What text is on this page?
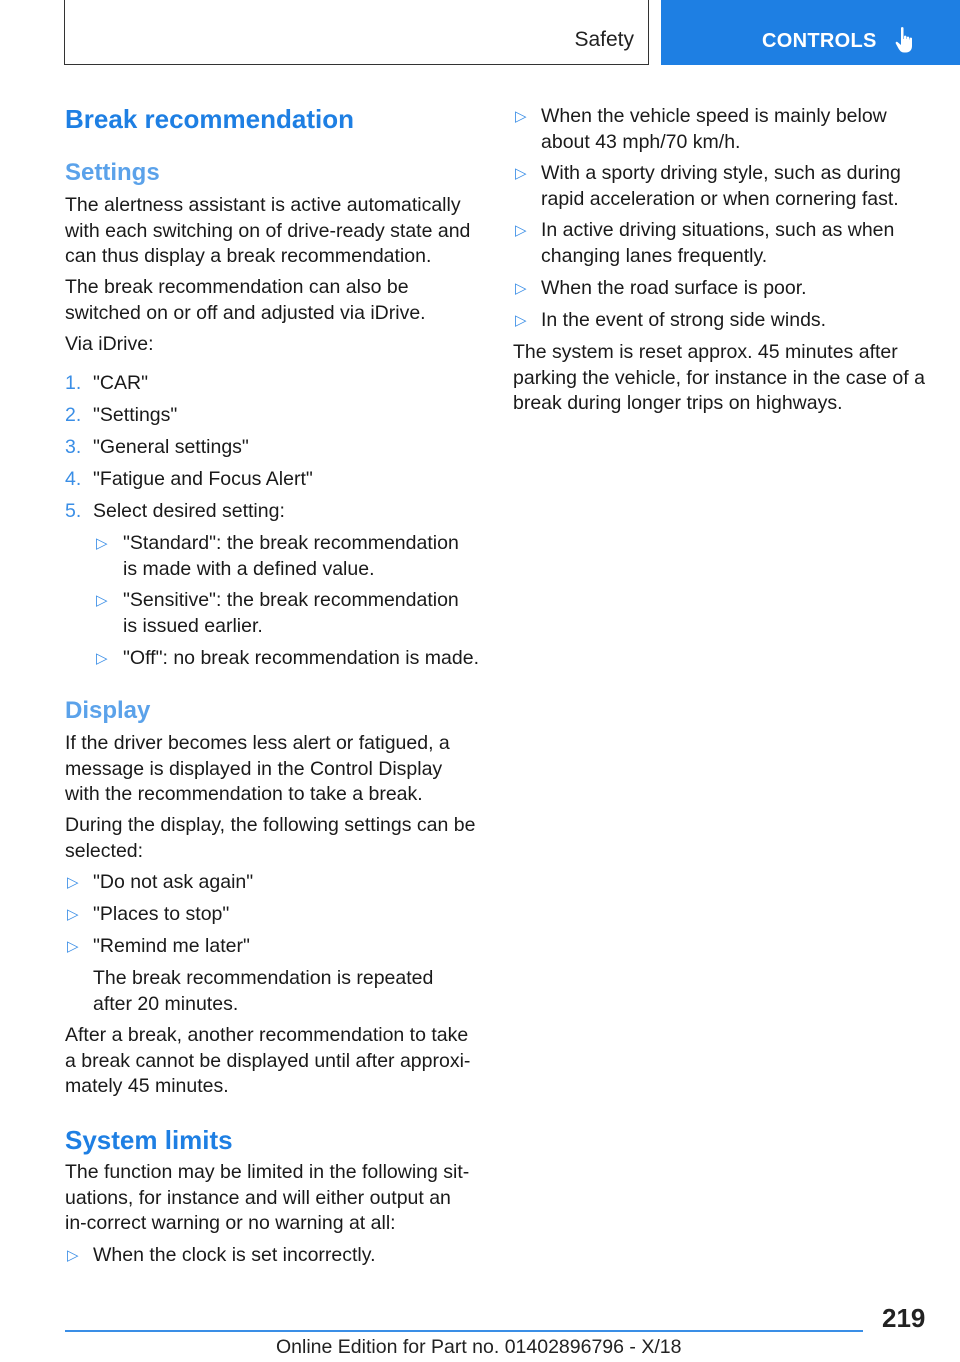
Safety	CONTROLS
Break recommendation
Settings
The alertness assistant is active automatically with each switching on of drive-ready state and can thus display a break recommendation.
The break recommendation can also be switched on or off and adjusted via iDrive.
Via iDrive:
1. "CAR"
2. "Settings"
3. "General settings"
4. "Fatigue and Focus Alert"
5. Select desired setting:
▷ "Standard": the break recommendation is made with a defined value.
▷ "Sensitive": the break recommendation is issued earlier.
▷ "Off": no break recommendation is made.
Display
If the driver becomes less alert or fatigued, a message is displayed in the Control Display with the recommendation to take a break.
During the display, the following settings can be selected:
▷ "Do not ask again"
▷ "Places to stop"
▷ "Remind me later"
The break recommendation is repeated after 20 minutes.
After a break, another recommendation to take a break cannot be displayed until after approxi-mately 45 minutes.
System limits
The function may be limited in the following sit-uations, for instance and will either output an in-correct warning or no warning at all:
▷ When the clock is set incorrectly.
▷ When the vehicle speed is mainly below about 43 mph/70 km/h.
▷ With a sporty driving style, such as during rapid acceleration or when cornering fast.
▷ In active driving situations, such as when changing lanes frequently.
▷ When the road surface is poor.
▷ In the event of strong side winds.
The system is reset approx. 45 minutes after parking the vehicle, for instance in the case of a break during longer trips on highways.
219
Online Edition for Part no. 01402896796 - X/18
